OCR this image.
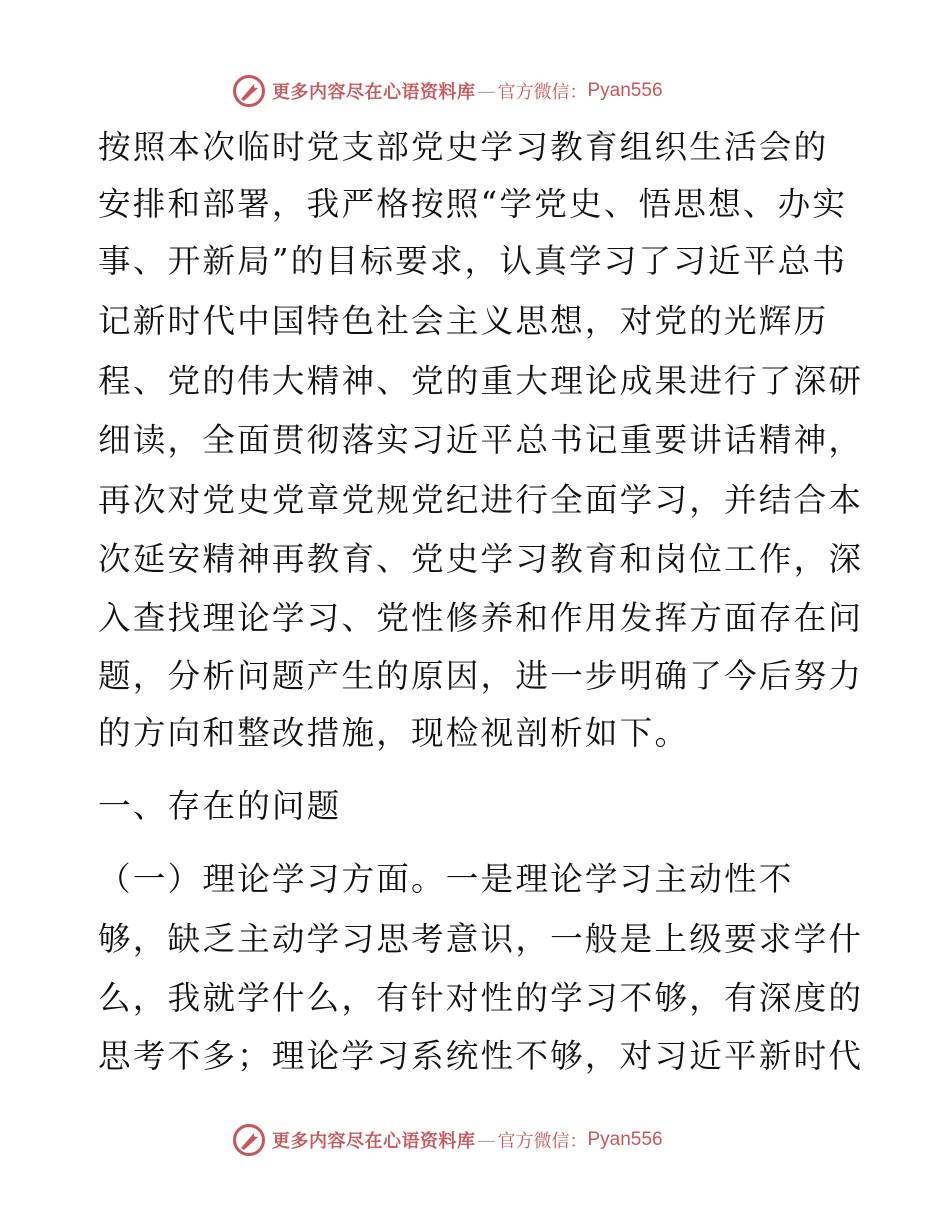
更多内容尽在心语资料库 — 官方微信： Pyan556
按照本次临时党支部党史学习教育组织生活会的
安排和部署，我严格按照“学党史、悟思想、办实
事、开新局”的目标要求，认真学习了习近平总书
记新时代中国特色社会主义思想，对党的光辉历
程、党的伟大精神、党的重大理论成果进行了深研
细读，全面贯彻落实习近平总书记重要讲话精神，
再次对党史党章党规党纪进行全面学习，并结合本
次延安精神再教育、党史学习教育和岗位工作，深
入查找理论学习、党性修养和作用发挥方面存在问
题，分析问题产生的原因，进一步明确了今后努力
的方向和整改措施，现检视剖析如下。
一、存在的问题
（一）理论学习方面。一是理论学习主动性不
够，缺乏主动学习思考意识，一般是上级要求学什
么，我就学什么，有针对性的学习不够，有深度的
思考不多；理论学习系统性不够，对习近平新时代
更多内容尽在心语资料库 — 官方微信： Pyan556
